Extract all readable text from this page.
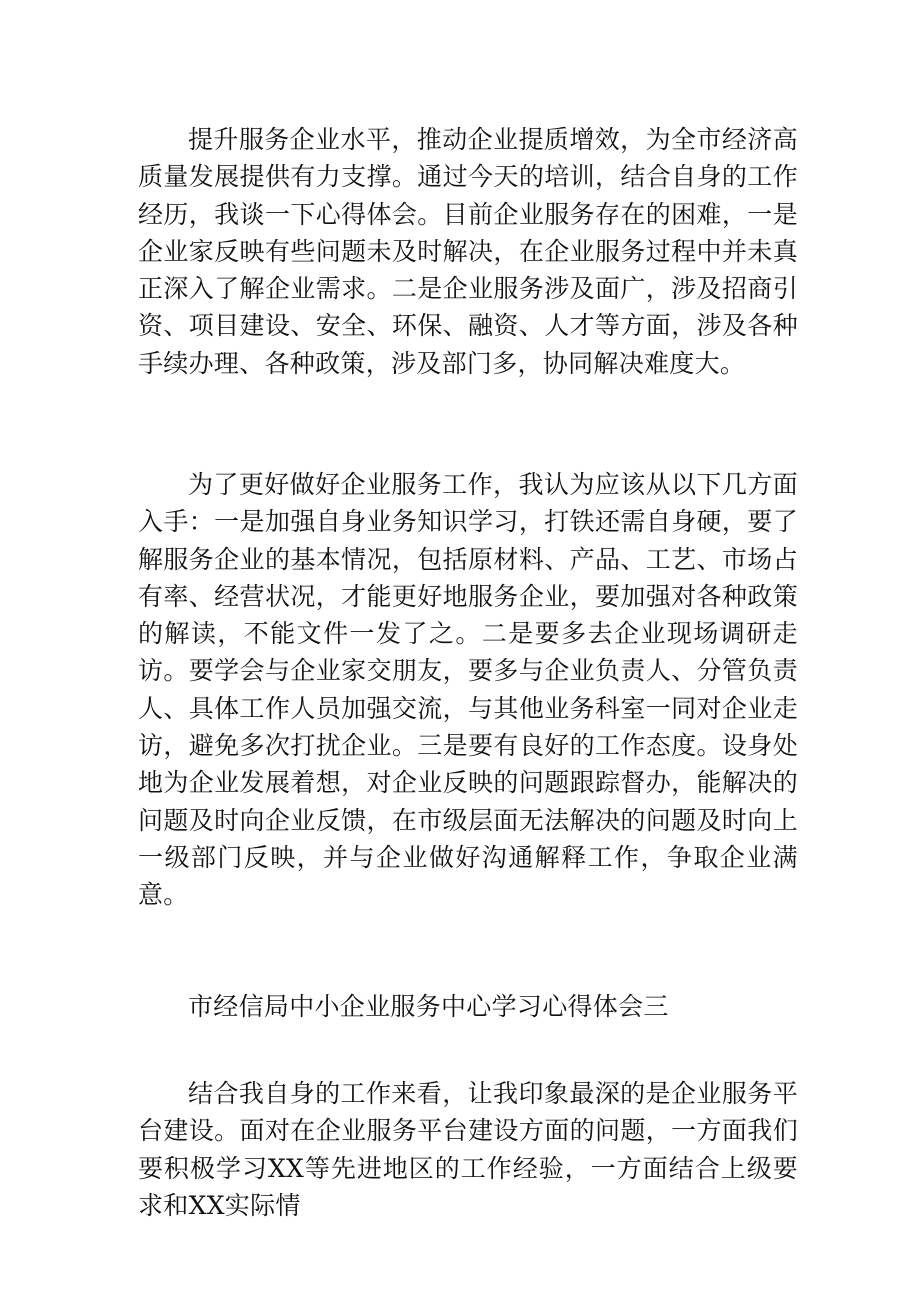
提升服务企业水平，推动企业提质增效，为全市经济高质量发展提供有力支撑。通过今天的培训，结合自身的工作经历，我谈一下心得体会。目前企业服务存在的困难，一是企业家反映有些问题未及时解决，在企业服务过程中并未真正深入了解企业需求。二是企业服务涉及面广，涉及招商引资、项目建设、安全、环保、融资、人才等方面，涉及各种手续办理、各种政策，涉及部门多，协同解决难度大。

为了更好做好企业服务工作，我认为应该从以下几方面入手：一是加强自身业务知识学习，打铁还需自身硬，要了解服务企业的基本情况，包括原材料、产品、工艺、市场占有率、经营状况，才能更好地服务企业，要加强对各种政策的解读，不能文件一发了之。二是要多去企业现场调研走访。要学会与企业家交朋友，要多与企业负责人、分管负责人、具体工作人员加强交流，与其他业务科室一同对企业走访，避免多次打扰企业。三是要有良好的工作态度。设身处地为企业发展着想，对企业反映的问题跟踪督办，能解决的问题及时向企业反馈，在市级层面无法解决的问题及时向上一级部门反映，并与企业做好沟通解释工作，争取企业满意。

市经信局中小企业服务中心学习心得体会三

结合我自身的工作来看，让我印象最深的是企业服务平台建设。面对在企业服务平台建设方面的问题，一方面我们要积极学习XX等先进地区的工作经验，一方面结合上级要求和XX实际情
